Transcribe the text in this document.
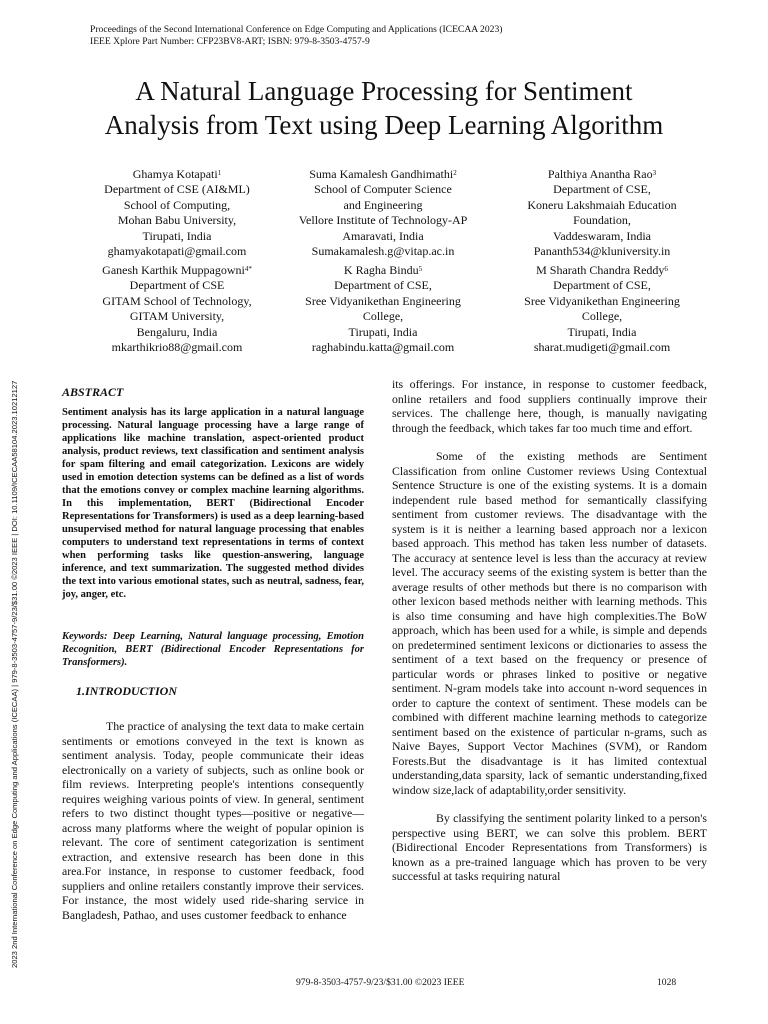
Proceedings of the Second International Conference on Edge Computing and Applications (ICECAA 2023)
IEEE Xplore Part Number: CFP23BV8-ART; ISBN: 979-8-3503-4757-9
A Natural Language Processing for Sentiment
Analysis from Text using Deep Learning Algorithm
Ghamya Kotapati$^1$
Department of CSE (AI&ML)
School of Computing,
Mohan Babu University,
Tirupati, India
ghamyakotapati@gmail.com
Suma Kamalesh Gandhimathi$^2$
School of Computer Science
and Engineering
Vellore Institute of Technology-AP
Amaravati, India
Sumakamalesh.g@vitap.ac.in
Palthiya Anantha Rao$^3$
Department of CSE,
Koneru Lakshmaiah Education
Foundation,
Vaddeswaram, India
Pananth534@kluniversity.in
Ganesh Karthik Muppagowni$^{4*}$
Department of CSE
GITAM School of Technology,
GITAM University,
Bengaluru, India
mkarthikrio88@gmail.com
K Ragha Bindu$^5$
Department of CSE,
Sree Vidyanikethan Engineering
College,
Tirupati, India
raghabindu.katta@gmail.com
M Sharath Chandra Reddy$^6$
Department of CSE,
Sree Vidyanikethan Engineering
College,
Tirupati, India
sharat.mudigeti@gmail.com
2023 2nd International Conference on Edge Computing and Applications (ICECAA) | 979-8-3503-4757-9/23/$31.00 ©2023 IEEE | DOI: 10.1109/ICECAA58104.2023.10212127	ABSTRACT

Sentiment analysis has its large application in a natural language processing. Natural language processing have a large range of applications like machine translation, aspect-oriented product analysis, product reviews, text classification and sentiment analysis for spam filtering and email categorization. Lexicons are widely used in emotion detection systems can be defined as a list of words that the emotions convey or complex machine learning algorithms. In this implementation, BERT (Bidirectional Encoder Representations for Transformers) is used as a deep learning-based unsupervised method for natural language processing that enables computers to understand text representations in terms of context when performing tasks like question-answering, language inference, and text summarization. The suggested method divides the text into various emotional states, such as neutral, sadness, fear, joy, anger, etc.

Keywords: Deep Learning, Natural language processing, Emotion Recognition, BERT (Bidirectional Encoder Representations for Transformers).

1.INTRODUCTION

The practice of analysing the text data to make certain sentiments or emotions conveyed in the text is known as sentiment analysis. Today, people communicate their ideas electronically on a variety of subjects, such as online book or film reviews. Interpreting people's intentions consequently requires weighing various points of view. In general, sentiment refers to two distinct thought types—positive or negative—across many platforms where the weight of popular opinion is relevant. The core of sentiment categorization is sentiment extraction, and extensive research has been done in this area.For instance, in response to customer feedback, food suppliers and online retailers constantly improve their services. For instance, the most widely used ride-sharing service in Bangladesh, Pathao, and uses customer feedback to enhance

its offerings. For instance, in response to customer feedback, online retailers and food suppliers continually improve their services. The challenge here, though, is manually navigating through the feedback, which takes far too much time and effort.

Some of the existing methods are Sentiment Classification from online Customer reviews Using Contextual Sentence Structure is one of the existing systems. It is a domain independent rule based method for semantically classifying sentiment from customer reviews. The disadvantage with the system is it is neither a learning based approach nor a lexicon based approach. This method has taken less number of datasets. The accuracy at sentence level is less than the accuracy at review level. The accuracy seems of the existing system is better than the average results of other methods but there is no comparison with other lexicon based methods neither with learning methods. This is also time consuming and have high complexities.The BoW approach, which has been used for a while, is simple and depends on predetermined sentiment lexicons or dictionaries to assess the sentiment of a text based on the frequency or presence of particular words or phrases linked to positive or negative sentiment. N-gram models take into account n-word sequences in order to capture the context of sentiment. These models can be combined with different machine learning methods to categorize sentiment based on the existence of particular n-grams, such as Naive Bayes, Support Vector Machines (SVM), or Random Forests.But the disadvantage is it has limited contextual understanding,data sparsity, lack of semantic understanding,fixed window size,lack of adaptability,order sensitivity.

By classifying the sentiment polarity linked to a person's perspective using BERT, we can solve this problem. BERT (Bidirectional Encoder Representations from Transformers) is known as a pre-trained language which has proven to be very successful at tasks requiring natural

979-8-3503-4757-9/23/$31.00 ©2023 IEEE	1028
